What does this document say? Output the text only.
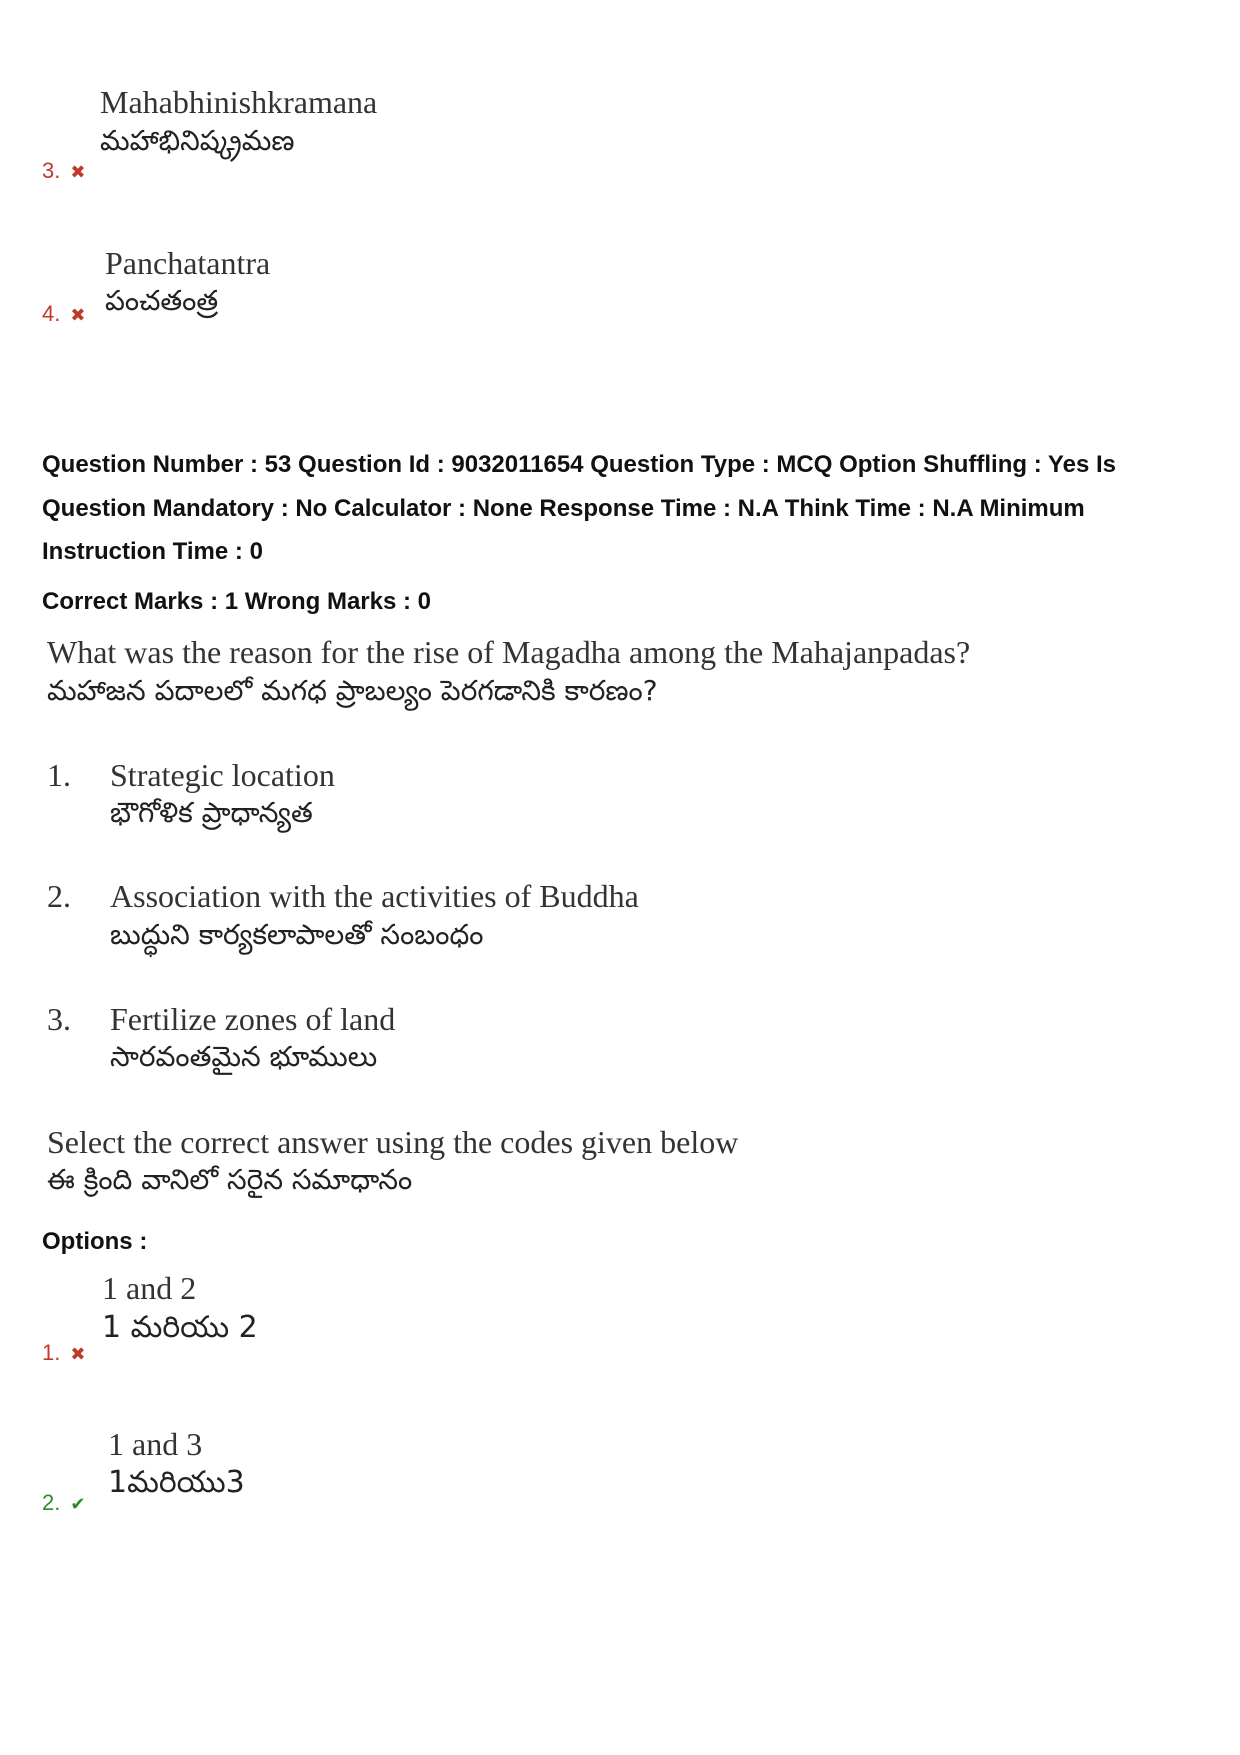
Mahabhinishkramana
మహాభినిష్క్రమణ
3. ✖
Panchatantra
పంచతంత్ర
4. ✖
Question Number : 53 Question Id : 9032011654 Question Type : MCQ Option Shuffling : Yes Is
Question Mandatory : No Calculator : None Response Time : N.A Think Time : N.A Minimum
Instruction Time : 0
Correct Marks : 1 Wrong Marks : 0
What was the reason for the rise of Magadha among the Mahajanpadas?
మహాజన పదాలలో మగధ ప్రాబల్యం పెరగడానికి కారణం?
1. Strategic location
భౌగోళిక ప్రాధాన్యత
2. Association with the activities of Buddha
బుద్ధుని కార్యకలాపాలతో సంబంధం
3. Fertilize zones of land
సారవంతమైన భూములు
Select the correct answer using the codes given below
ఈ క్రింది వానిలో సరైన సమాధానం
Options :
1 and 2
1 మరియు 2
1. ✖
1 and 3
1మరియు3
2. ✔
